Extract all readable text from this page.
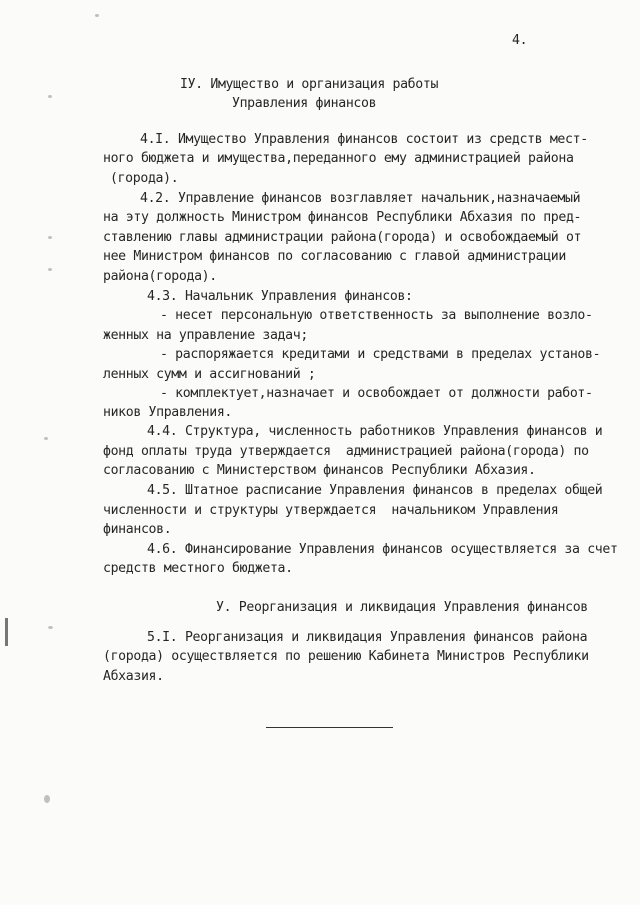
4.
IУ. Имущество и организация работы
Управления финансов
4.I. Имущество Управления финансов состоит из средств мест-
ного бюджета и имущества,переданного ему администрацией района
(города).
4.2. Управление финансов возглавляет начальник,назначаемый
на эту должность Министром финансов Республики Абхазия по пред-
ставлению главы администрации района(города) и освобождаемый от
нее Министром финансов по согласованию с главой администрации
района(города).
4.3. Начальник Управления финансов:
- несет персональную ответственность за выполнение возло-
женных на управление задач;
- распоряжается кредитами и средствами в пределах установ-
ленных сумм и ассигнований ;
- комплектует,назначает и освобождает от должности работ-
ников Управления.
4.4. Структура, численность работников Управления финансов и
фонд оплаты труда утверждается  администрацией района(города) по
согласованию с Министерством финансов Республики Абхазия.
4.5. Штатное расписание Управления финансов в пределах общей
численности и структуры утверждается  начальником Управления
финансов.
4.6. Финансирование Управления финансов осуществляется за счет
средств местного бюджета.
У. Реорганизация и ликвидация Управления финансов
5.I. Реорганизация и ликвидация Управления финансов района
(города) осуществляется по решению Кабинета Министров Республики
Абхазия.
